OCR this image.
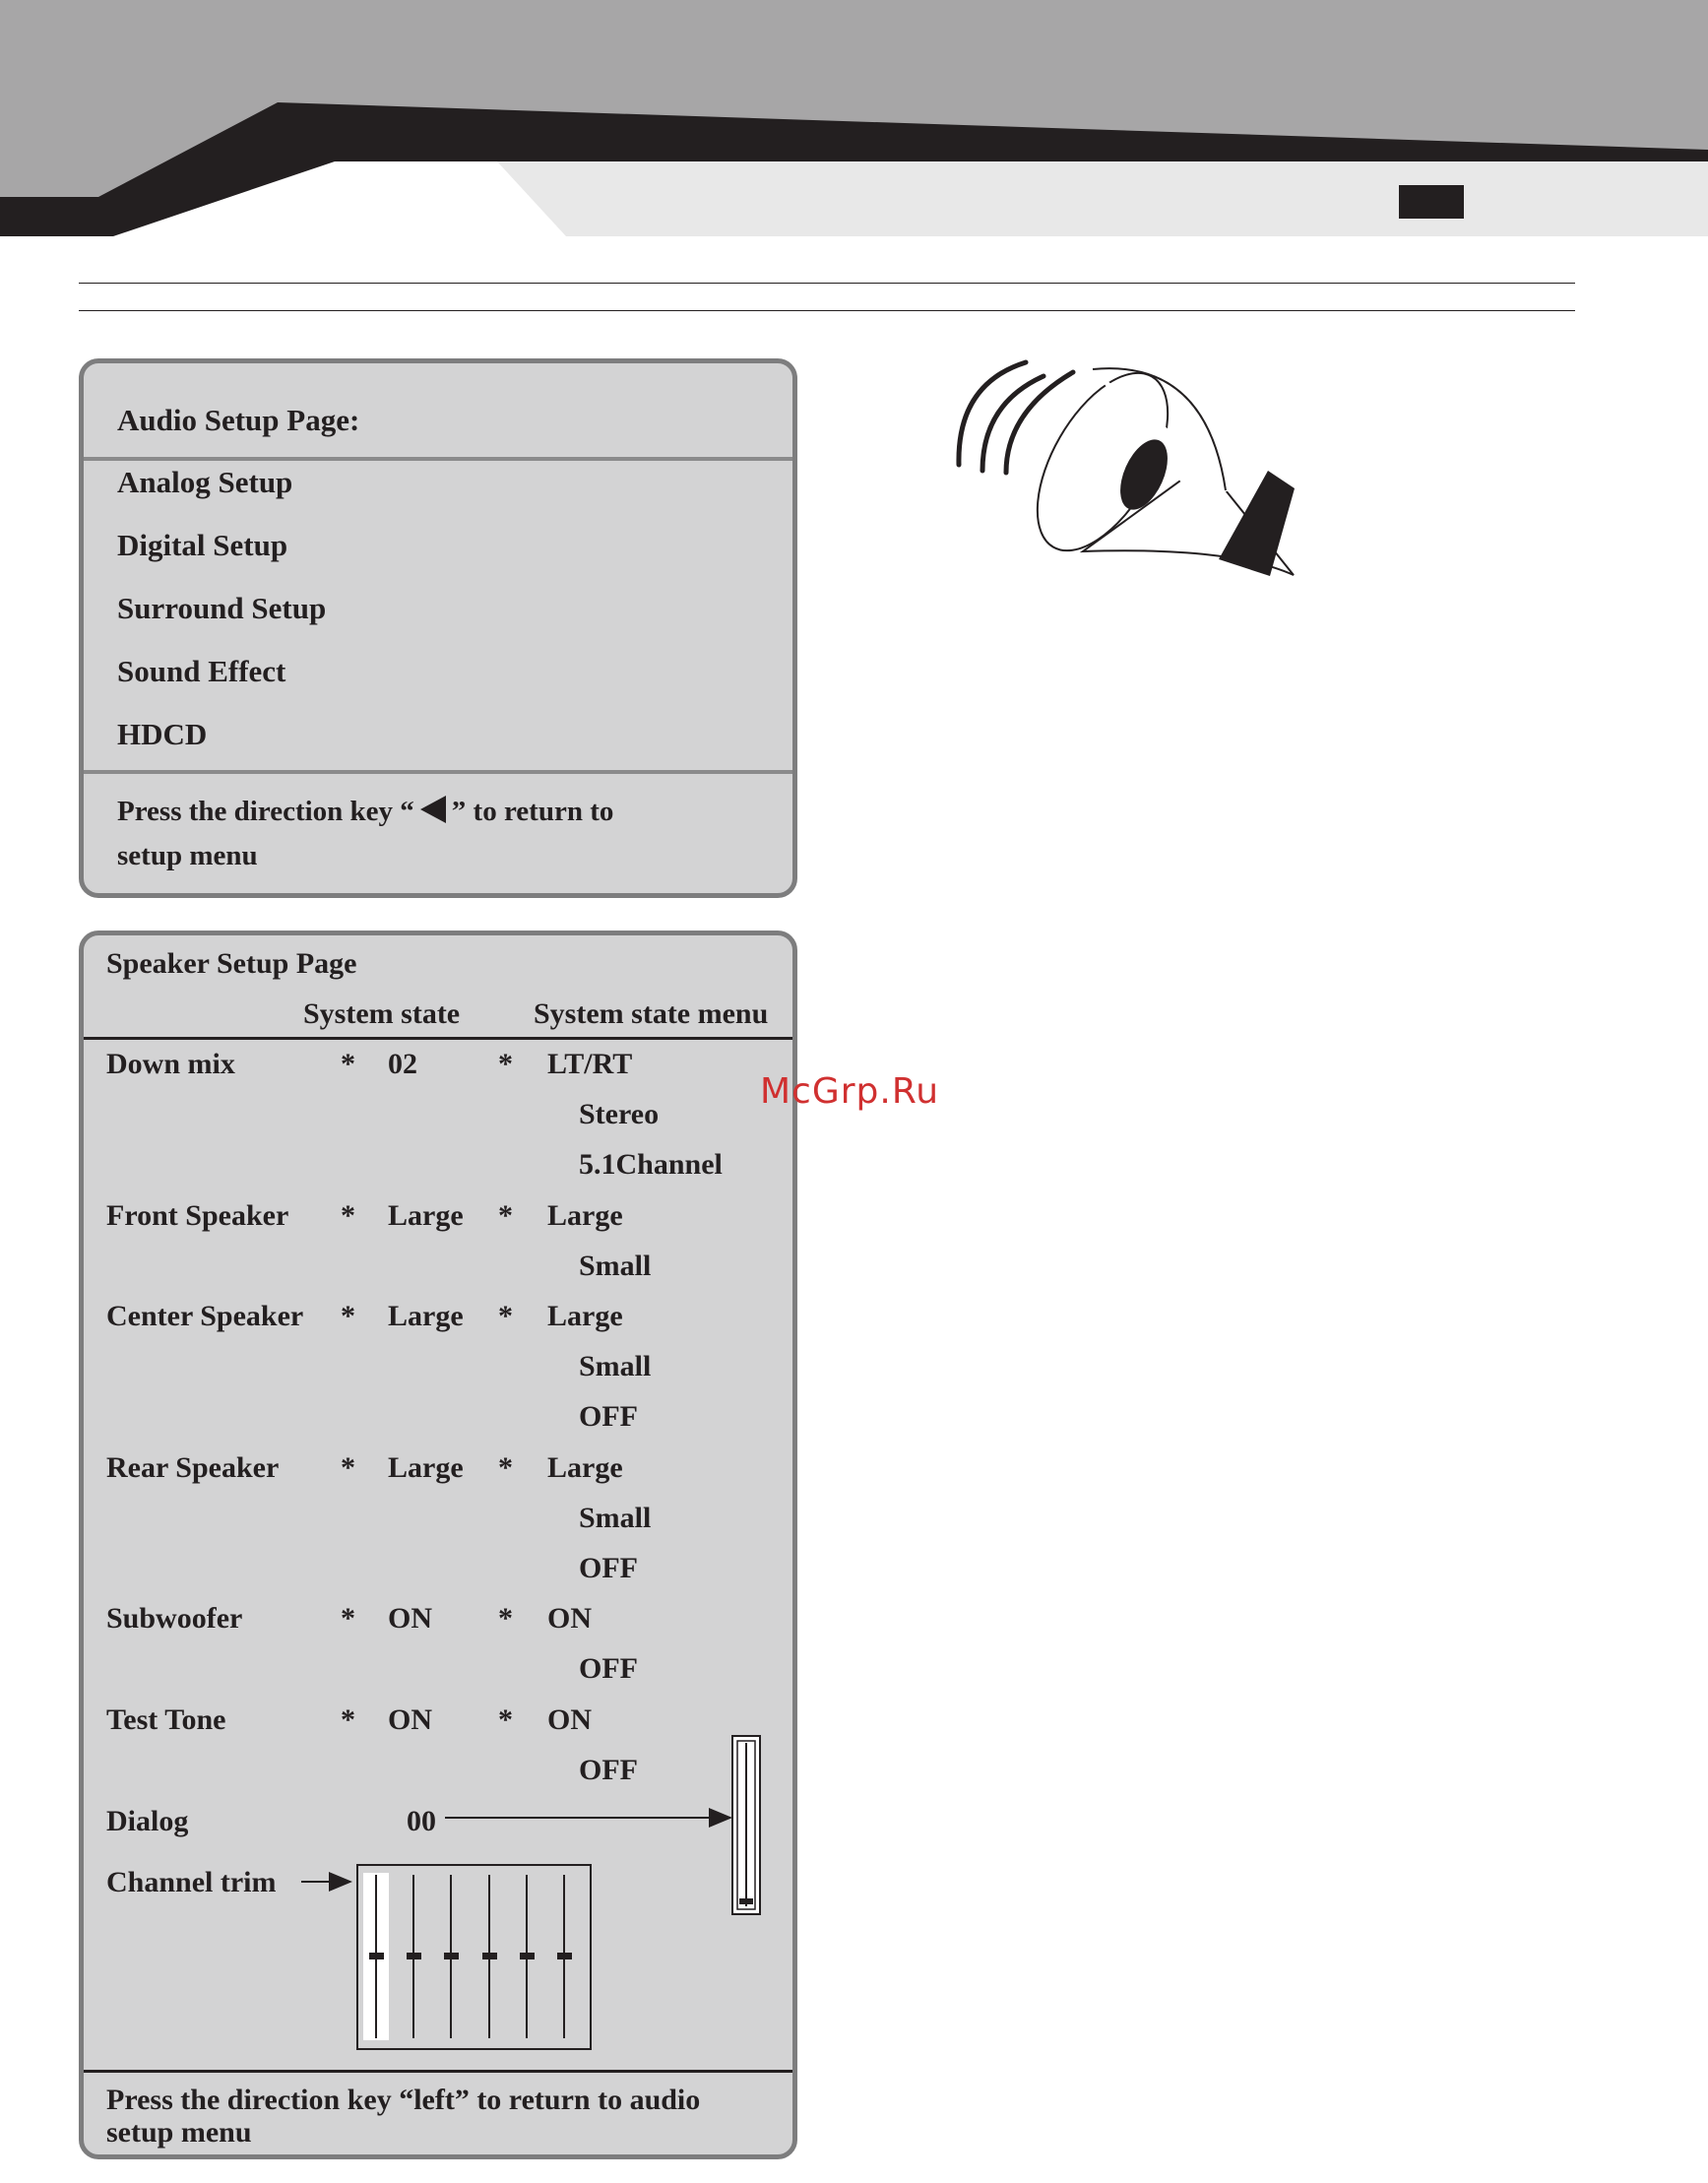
Audio Setup Page:
Analog Setup
Digital Setup
Surround Setup
Sound Effect
HDCD
Press the direction key “ ” to return to
setup menu
Speaker Setup Page
System state System state menu
Down mix	* 02	* LT/RT
Stereo
5.1Channel
Front Speaker * Large * Large
Small
Center Speaker * Large * Large
Small
OFF
Rear Speaker * Large * Large
Small
OFF
Subwoofer	* ON * ON
OFF
Test Tone	* ON * ON
OFF
Dialog	00
Channel trim
Press the direction key “left” to return to audio
setup menu
McGrp.Ru
